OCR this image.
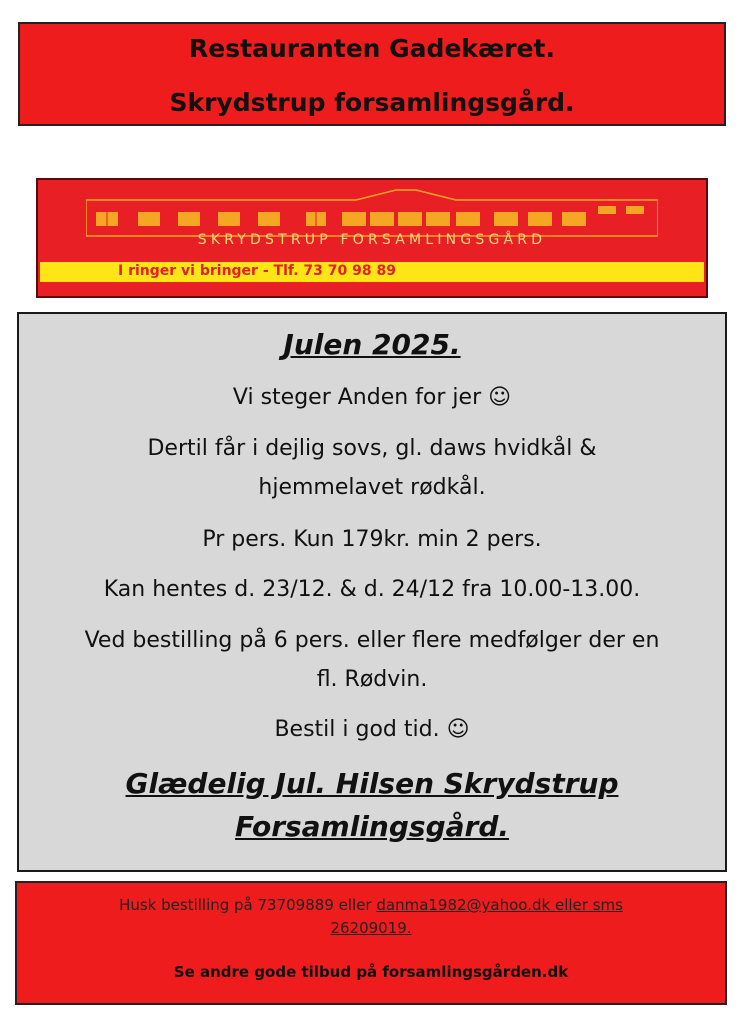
Restauranten Gadekæret.
Skrydstrup forsamlingsgård.
SKRYDSTRUP FORSAMLINGSGÅRD
I ringer vi bringer - Tlf. 73 70 98 89
Julen 2025.
Vi steger Anden for jer ☺
Dertil får i dejlig sovs, gl. daws hvidkål &
hjemmelavet rødkål.
Pr pers. Kun 179kr. min 2 pers.
Kan hentes d. 23/12. & d. 24/12 fra 10.00-13.00.
Ved bestilling på 6 pers. eller flere medfølger der en
fl. Rødvin.
Bestil i god tid. ☺
Glædelig Jul. Hilsen Skrydstrup
Forsamlingsgård.
Husk bestilling på 73709889 eller danma1982@yahoo.dk eller sms
26209019.
Se andre gode tilbud på forsamlingsgården.dk
